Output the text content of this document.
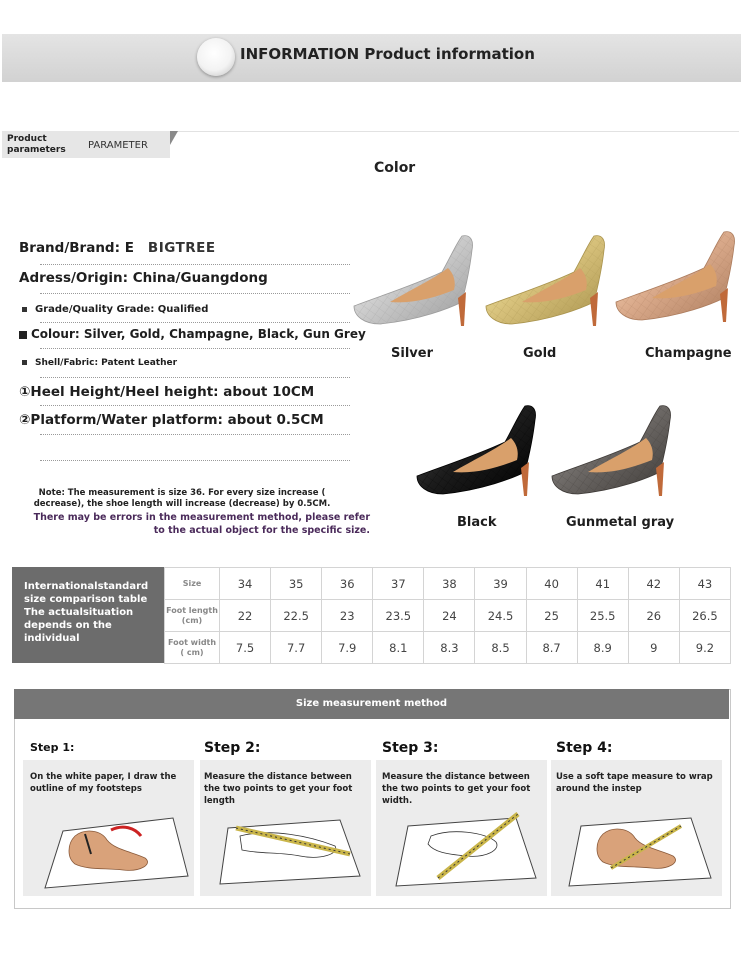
INFORMATION Product information
Product parameters	PARAMETER
Color
Brand/Brand: E BIGTREE
Adress/Origin: China/Guangdong
Grade/Quality Grade: Qualified
Colour: Silver, Gold, Champagne, Black, Gun Grey
Shell/Fabric: Patent Leather
①Heel Height/Heel height: about 10CM
②Platform/Water platform: about 0.5CM
Note: The measurement is size 36. For every size increase ( decrease), the shoe length will increase (decrease) by 0.5CM.
There may be errors in the measurement method, please refer to the actual object for the specific size.
Silver	Gold	Champagne
Black	Gunmetal gray
Internationalstandard size comparison table The actualsituation depends on the individual
Size	34	35	36	37	38	39	40	41	42	43
Foot length (cm)	22	22.5	23	23.5	24	24.5	25	25.5	26	26.5
Foot width ( cm)	7.5	7.7	7.9	8.1	8.3	8.5	8.7	8.9	9	9.2
Size measurement method
Step 1:	Step 2:	Step 3:	Step 4:
On the white paper, I draw the outline of my footsteps
Measure the distance between the two points to get your foot length
Measure the distance between the two points to get your foot width.
Use a soft tape measure to wrap around the instep
